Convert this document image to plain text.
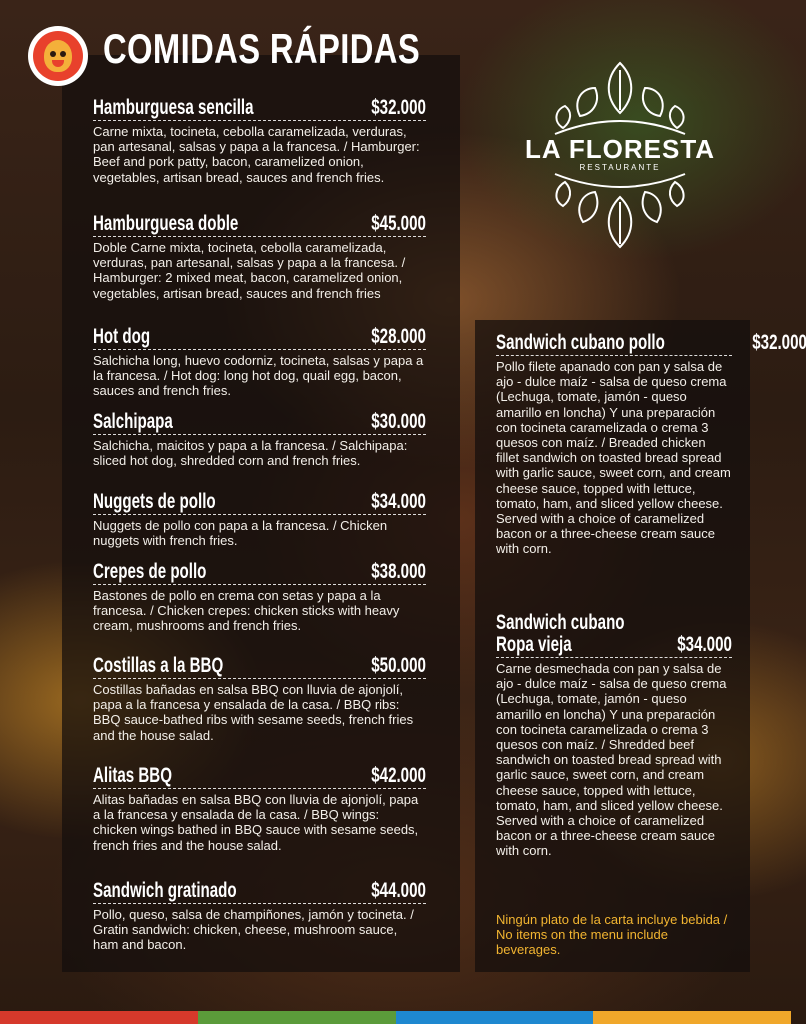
COMIDAS RÁPIDAS
LA FLORESTA
RESTAURANTE
Hamburguesa sencilla	$32.000
Carne mixta, tocineta, cebolla caramelizada, verduras, pan artesanal, salsas y papa a la francesa. / Hamburger: Beef and pork patty, bacon, caramelized onion, vegetables, artisan bread, sauces and french fries.
Hamburguesa doble	$45.000
Doble Carne mixta, tocineta, cebolla caramelizada, verduras, pan artesanal, salsas y papa a la francesa. / Hamburger: 2 mixed meat, bacon, caramelized onion, vegetables, artisan bread, sauces and french fries
Hot dog	$28.000
Salchicha long, huevo codorniz, tocineta, salsas y papa a la francesa. / Hot dog: long hot dog, quail egg, bacon, sauces and french fries.
Salchipapa	$30.000
Salchicha, maicitos y papa a la francesa. / Salchipapa: sliced hot dog, shredded corn and french fries.
Nuggets de pollo	$34.000
Nuggets de pollo con papa a la francesa. / Chicken nuggets with french fries.
Crepes de pollo	$38.000
Bastones de pollo en crema con setas y papa a la francesa. / Chicken crepes: chicken sticks with heavy cream, mushrooms and french fries.
Costillas a la BBQ	$50.000
Costillas bañadas en salsa BBQ con lluvia de ajonjolí, papa a la francesa y ensalada de la casa. / BBQ ribs: BBQ sauce-bathed ribs with sesame seeds, french fries and the house salad.
Alitas BBQ	$42.000
Alitas bañadas en salsa BBQ con lluvia de ajonjolí, papa a la francesa y ensalada de la casa. / BBQ wings: chicken wings bathed in BBQ sauce with sesame seeds, french fries and the house salad.
Sandwich gratinado	$44.000
Pollo, queso, salsa de champiñones, jamón y tocineta. / Gratin sandwich: chicken, cheese, mushroom sauce, ham and bacon.
Sandwich cubano pollo	$32.000
Pollo filete apanado con pan y salsa de ajo - dulce maíz - salsa de queso crema (Lechuga, tomate, jamón - queso amarillo en loncha) Y una preparación con tocineta caramelizada o crema 3 quesos con maíz. / Breaded chicken fillet sandwich on toasted bread spread with garlic sauce, sweet corn, and cream cheese sauce, topped with lettuce, tomato, ham, and sliced yellow cheese. Served with a choice of caramelized bacon or a three-cheese cream sauce with corn.
Sandwich cubano
Ropa vieja	$34.000
Carne desmechada con pan y salsa de ajo - dulce maíz - salsa de queso crema (Lechuga, tomate, jamón - queso amarillo en loncha) Y una preparación con tocineta caramelizada o crema 3 quesos con maíz. / Shredded beef sandwich on toasted bread spread with garlic sauce, sweet corn, and cream cheese sauce, topped with lettuce, tomato, ham, and sliced yellow cheese. Served with a choice of caramelized bacon or a three-cheese cream sauce with corn.
Ningún plato de la carta incluye bebida / No items on the menu include beverages.
